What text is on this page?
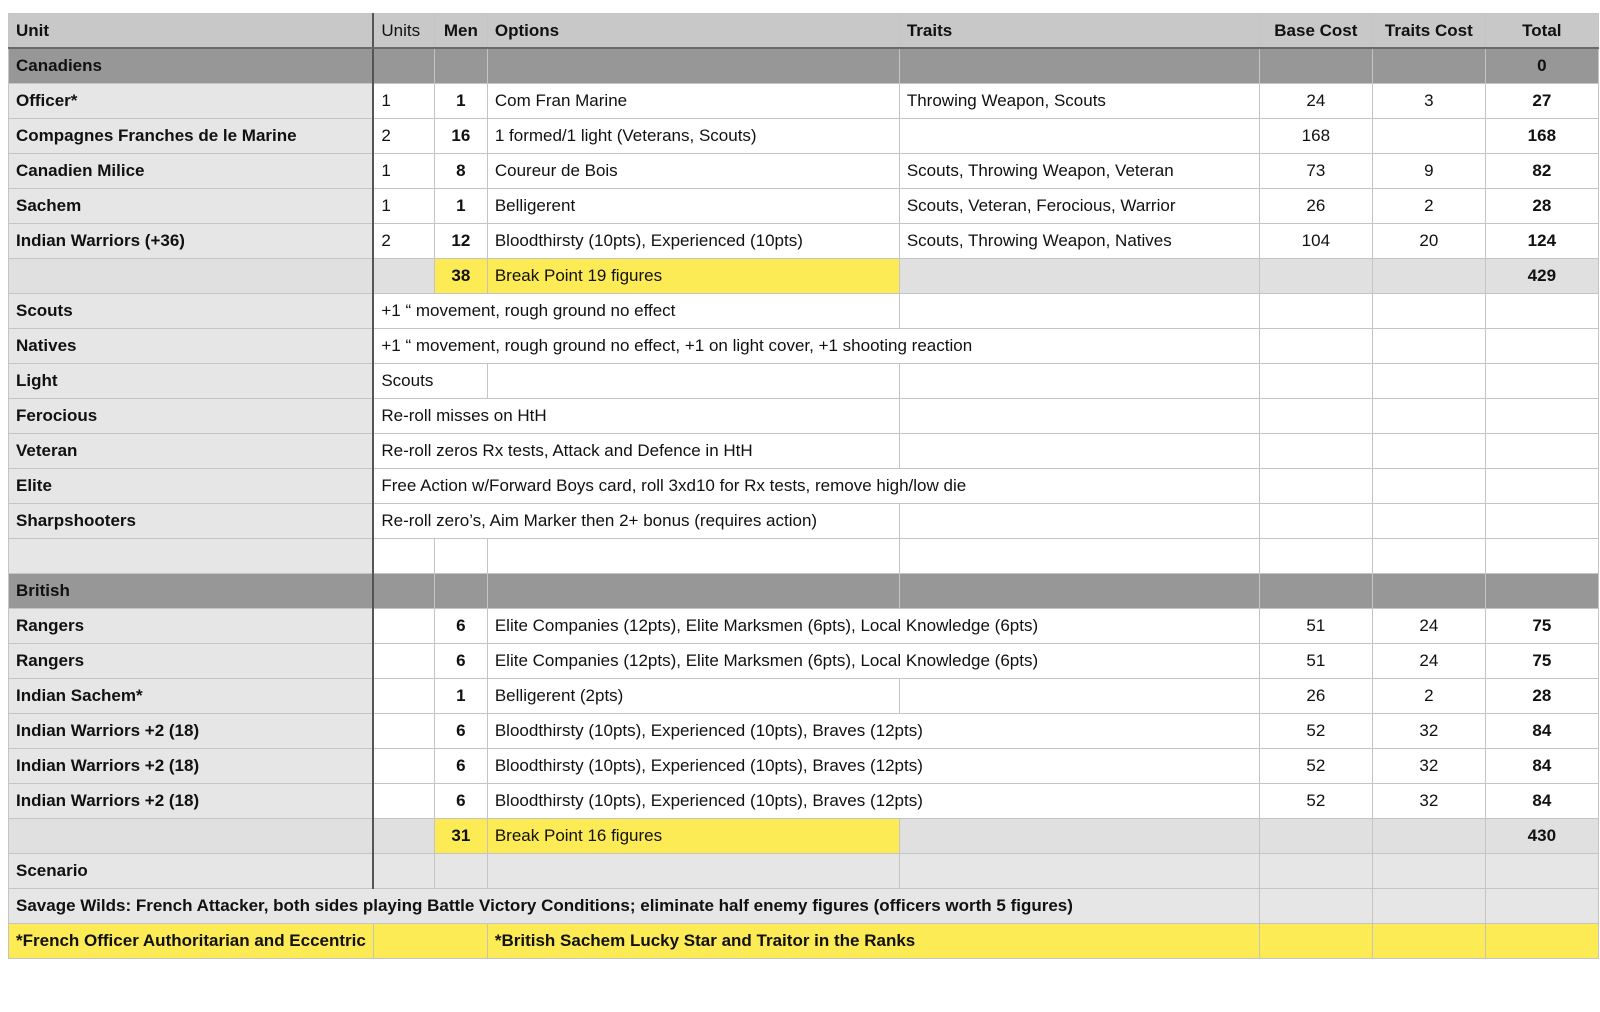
Unit	Units	Men	Options	Traits	Base Cost	Traits Cost	Total
Canadiens							0
Officer*	1	1	Com Fran Marine	Throwing Weapon, Scouts	24	3	27
Compagnes Franches de le Marine	2	16	1 formed/1 light (Veterans, Scouts)		168		168
Canadien Milice	1	8	Coureur de Bois	Scouts, Throwing Weapon, Veteran	73	9	82
Sachem	1	1	Belligerent	Scouts, Veteran, Ferocious, Warrior	26	2	28
Indian Warriors (+36)	2	12	Bloodthirsty (10pts), Experienced (10pts)	Scouts, Throwing Weapon, Natives	104	20	124
		38	Break Point 19 figures				429
Scouts	+1 “ movement, rough ground no effect						
Natives	+1 “ movement, rough ground no effect, +1 on light cover, +1 shooting reaction						
Light	Scouts						
Ferocious	Re-roll misses on HtH						
Veteran	Re-roll zeros Rx tests, Attack and Defence in HtH						
Elite	Free Action w/Forward Boys card, roll 3xd10 for Rx tests, remove high/low die						
Sharpshooters	Re-roll zero’s, Aim Marker then 2+ bonus (requires action)						

British							
Rangers		6	Elite Companies (12pts), Elite Marksmen (6pts), Local Knowledge (6pts)		51	24	75
Rangers		6	Elite Companies (12pts), Elite Marksmen (6pts), Local Knowledge (6pts)		51	24	75
Indian Sachem*		1	Belligerent (2pts)		26	2	28
Indian Warriors +2 (18)		6	Bloodthirsty (10pts), Experienced (10pts), Braves (12pts)		52	32	84
Indian Warriors +2 (18)		6	Bloodthirsty (10pts), Experienced (10pts), Braves (12pts)		52	32	84
Indian Warriors +2 (18)		6	Bloodthirsty (10pts), Experienced (10pts), Braves (12pts)		52	32	84
		31	Break Point 16 figures				430
Scenario							
Savage Wilds: French Attacker, both sides playing Battle Victory Conditions; eliminate half enemy figures (officers worth 5 figures)							
*French Officer Authoritarian and Eccentric			*British Sachem Lucky Star and Traitor in the Ranks				
